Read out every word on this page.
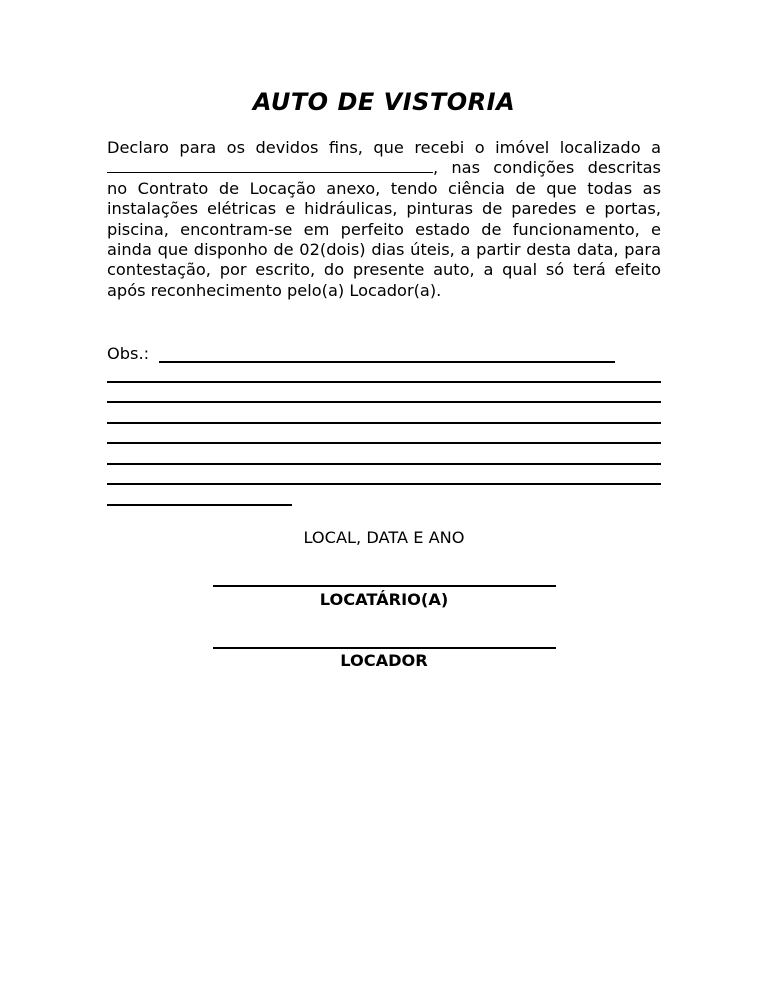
AUTO DE VISTORIA
Declaro para os devidos fins, que recebi o imóvel localizado a , nas condições descritas no Contrato de Locação anexo, tendo ciência de que todas as instalações elétricas e hidráulicas, pinturas de paredes e portas, piscina, encontram-se em perfeito estado de funcionamento, e ainda que disponho de 02(dois) dias úteis, a partir desta data, para contestação, por escrito, do presente auto, a qual só terá efeito após reconhecimento pelo(a) Locador(a).
Obs.:
LOCAL, DATA E ANO
LOCATÁRIO(A)
LOCADOR
